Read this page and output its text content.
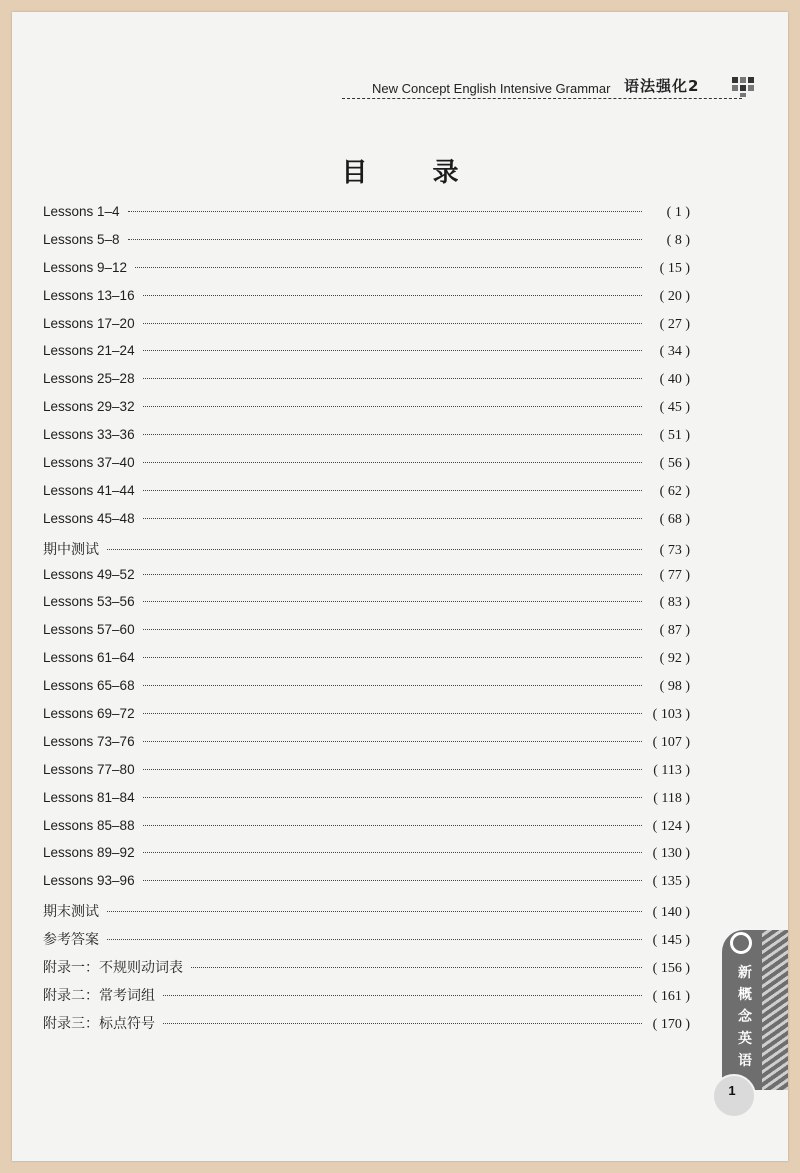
New Concept English Intensive Grammar 语法强化2
目 录
Lessons 1–4	( 1 )
Lessons 5–8	( 8 )
Lessons 9–12	( 15 )
Lessons 13–16	( 20 )
Lessons 17–20	( 27 )
Lessons 21–24	( 34 )
Lessons 25–28	( 40 )
Lessons 29–32	( 45 )
Lessons 33–36	( 51 )
Lessons 37–40	( 56 )
Lessons 41–44	( 62 )
Lessons 45–48	( 68 )
期中测试	( 73 )
Lessons 49–52	( 77 )
Lessons 53–56	( 83 )
Lessons 57–60	( 87 )
Lessons 61–64	( 92 )
Lessons 65–68	( 98 )
Lessons 69–72	( 103 )
Lessons 73–76	( 107 )
Lessons 77–80	( 113 )
Lessons 81–84	( 118 )
Lessons 85–88	( 124 )
Lessons 89–92	( 130 )
Lessons 93–96	( 135 )
期末测试	( 140 )
参考答案	( 145 )
附录一：不规则动词表	( 156 )
附录二：常考词组	( 161 )
附录三：标点符号	( 170 )
新概念英语
1
